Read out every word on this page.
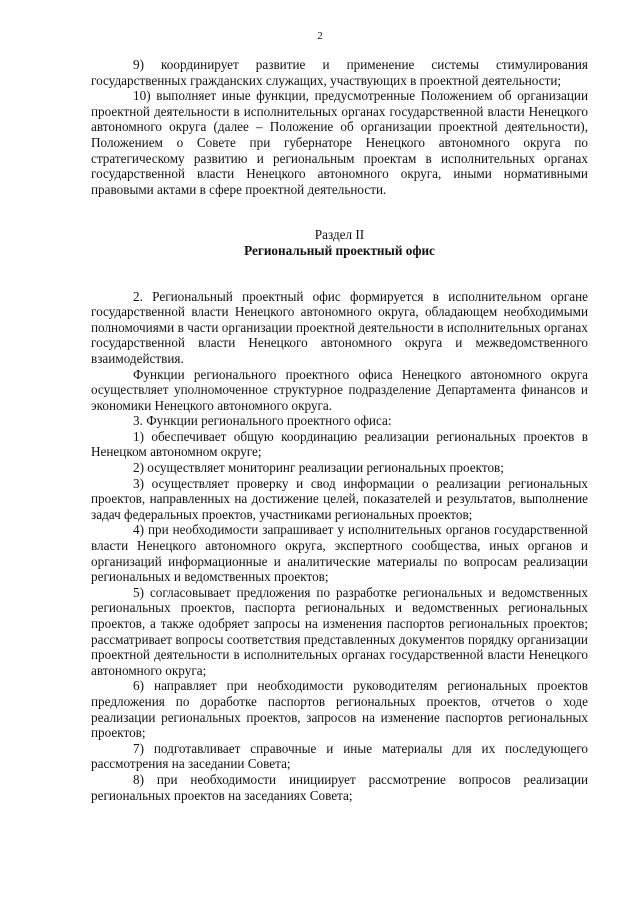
2

9) координирует развитие и применение системы стимулирования государственных гражданских служащих, участвующих в проектной деятельности;

10) выполняет иные функции, предусмотренные Положением об организации проектной деятельности в исполнительных органах государственной власти Ненецкого автономного округа (далее – Положение об организации проектной деятельности), Положением о Совете при губернаторе Ненецкого автономного округа по стратегическому развитию и региональным проектам в исполнительных органах государственной власти Ненецкого автономного округа, иными нормативными правовыми актами в сфере проектной деятельности.

Раздел II
Региональный проектный офис

2. Региональный проектный офис формируется в исполнительном органе государственной власти Ненецкого автономного округа, обладающем необходимыми полномочиями в части организации проектной деятельности в исполнительных органах государственной власти Ненецкого автономного округа и межведомственного взаимодействия.

Функции регионального проектного офиса Ненецкого автономного округа осуществляет уполномоченное структурное подразделение Департамента финансов и экономики Ненецкого автономного округа.

3. Функции регионального проектного офиса:

1) обеспечивает общую координацию реализации региональных проектов в Ненецком автономном округе;

2) осуществляет мониторинг реализации региональных проектов;

3) осуществляет проверку и свод информации о реализации региональных проектов, направленных на достижение целей, показателей и результатов, выполнение задач федеральных проектов, участниками региональных проектов;

4) при необходимости запрашивает у исполнительных органов государственной власти Ненецкого автономного округа, экспертного сообщества, иных органов и организаций информационные и аналитические материалы по вопросам реализации региональных и ведомственных проектов;

5) согласовывает предложения по разработке региональных и ведомственных региональных проектов, паспорта региональных и ведомственных региональных проектов, а также одобряет запросы на изменения паспортов региональных проектов; рассматривает вопросы соответствия представленных документов порядку организации проектной деятельности в исполнительных органах государственной власти Ненецкого автономного округа;

6) направляет при необходимости руководителям региональных проектов предложения по доработке паспортов региональных проектов, отчетов о ходе реализации региональных проектов, запросов на изменение паспортов региональных проектов;

7) подготавливает справочные и иные материалы для их последующего рассмотрения на заседании Совета;

8) при необходимости инициирует рассмотрение вопросов реализации региональных проектов на заседаниях Совета;
